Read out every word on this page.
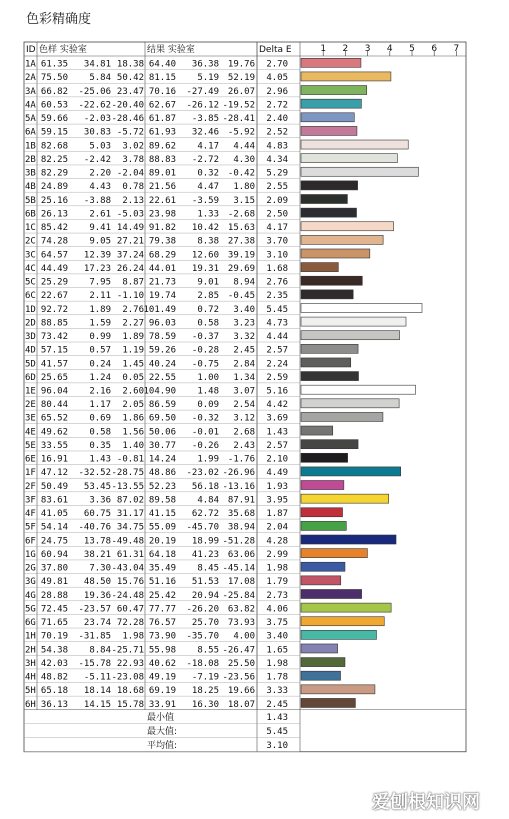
色彩精确度
ID 色样 实验室	结果 实验室	Delta E	1 2 3 4 5 6 7
1A 61.35 34.81 18.38 64.40 36.38 19.76 2.70
2A 75.50 5.84 50.42 81.15 5.19 52.19 4.05
3A 66.82 -25.06 23.47 70.16 -27.49 26.07 2.96
4A 60.53 -22.62 -20.40 62.67 -26.12 -19.52 2.72
5A 59.66 -2.03 -28.46 61.87 -3.85 -28.41 2.40
6A 59.15 30.83 -5.72 61.93 32.46 -5.92 2.52
1B 82.68 5.03 3.02 89.62 4.17 4.44 4.83
2B 82.25 -2.42 3.78 88.83 -2.72 4.30 4.34
3B 82.29 2.20 -2.04 89.01 0.32 -0.42 5.29
4B 24.89 4.43 0.78 21.56 4.47 1.80 2.55
5B 25.16 -3.88 2.13 22.61 -3.59 3.15 2.09
6B 26.13 2.61 -5.03 23.98 1.33 -2.68 2.50
1C 85.42 9.41 14.49 91.82 10.42 15.63 4.17
2C 74.28 9.05 27.21 79.38 8.38 27.38 3.70
3C 64.57 12.39 37.24 68.29 12.60 39.19 3.10
4C 44.49 17.23 26.24 44.01 19.31 29.69 1.68
5C 25.29 7.95 8.87 21.73 9.01 8.94 2.76
6C 22.67 2.11 -1.10 19.74 2.85 -0.45 2.35
1D 92.72 1.89 2.76 101.49 0.72 3.40 5.45
2D 88.85 1.59 2.27 96.03 0.58 3.23 4.73
3D 73.42 0.99 1.89 78.59 -0.37 3.32 4.44
4D 57.15 0.57 1.19 59.26 -0.28 2.45 2.57
5D 41.57 0.24 1.45 40.24 -0.75 2.84 2.24
6D 25.65 1.24 0.05 22.55 1.00 1.34 2.59
1E 96.04 2.16 2.60 104.90 1.48 3.07 5.16
2E 80.44 1.17 2.05 86.59 0.09 2.54 4.42
3E 65.52 0.69 1.86 69.50 -0.32 3.12 3.69
4E 49.62 0.58 1.56 50.06 -0.01 2.68 1.43
5E 33.55 0.35 1.40 30.77 -0.26 2.43 2.57
6E 16.91 1.43 -0.81 14.24 1.99 -1.76 2.10
1F 47.12 -32.52 -28.75 48.86 -23.02 -26.96 4.49
2F 50.49 53.45 -13.55 52.23 56.18 -13.16 1.93
3F 83.61 3.36 87.02 89.58 4.84 87.91 3.95
4F 41.05 60.75 31.17 41.15 62.72 35.68 1.87
5F 54.14 -40.76 34.75 55.09 -45.70 38.94 2.04
6F 24.75 13.78 -49.48 20.19 18.99 -51.28 4.28
1G 60.94 38.21 61.31 64.18 41.23 63.06 2.99
2G 37.80 7.30 -43.04 35.49 8.45 -45.14 1.98
3G 49.81 48.50 15.76 51.16 51.53 17.08 1.79
4G 28.88 19.36 -24.48 25.42 20.94 -25.84 2.73
5G 72.45 -23.57 60.47 77.77 -26.20 63.82 4.06
6G 71.65 23.74 72.28 76.57 25.70 73.93 3.75
1H 70.19 -31.85 1.98 73.90 -35.70 4.00 3.40
2H 54.38 8.84 -25.71 55.98 8.55 -26.47 1.65
3H 42.03 -15.78 22.93 40.62 -18.08 25.50 1.98
4H 48.82 -5.11 -23.08 49.19 -7.19 -23.56 1.78
5H 65.18 18.14 18.68 69.19 18.25 19.66 3.33
6H 36.13 14.15 15.78 33.91 16.30 18.07 2.45
最小值	1.43
最大值:	5.45
平均值:	3.10
爱刨根知识网
